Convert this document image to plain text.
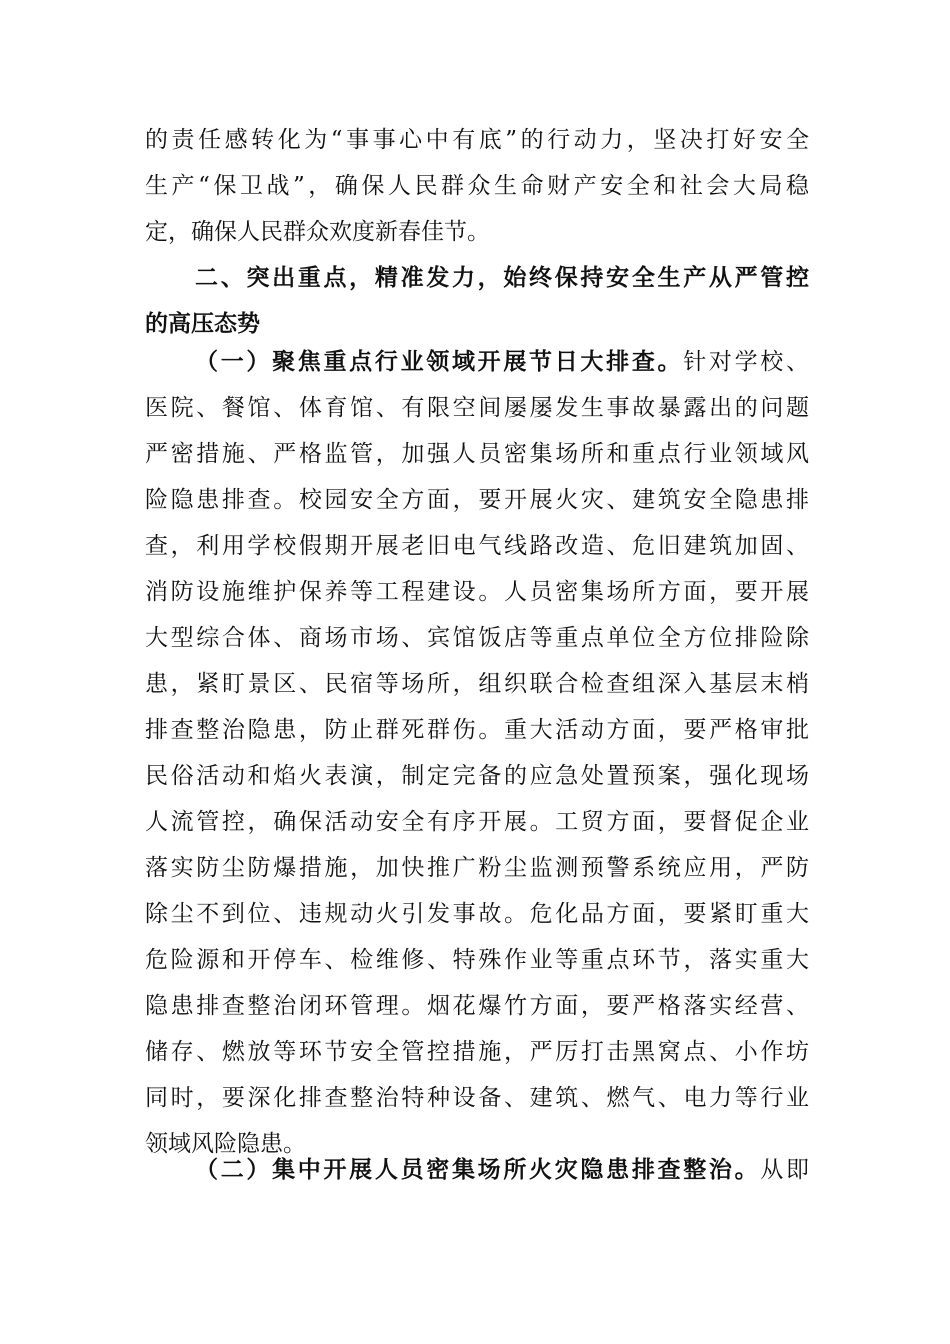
的责任感转化为“事事心中有底”的行动力，坚决打好安全
生产“保卫战”，确保人民群众生命财产安全和社会大局稳
定，确保人民群众欢度新春佳节。
二、突出重点，精准发力，始终保持安全生产从严管控
的高压态势
（一）聚焦重点行业领域开展节日大排查。针对学校、
医院、餐馆、体育馆、有限空间屡屡发生事故暴露出的问题
严密措施、严格监管，加强人员密集场所和重点行业领域风
险隐患排查。校园安全方面，要开展火灾、建筑安全隐患排
查，利用学校假期开展老旧电气线路改造、危旧建筑加固、
消防设施维护保养等工程建设。人员密集场所方面，要开展
大型综合体、商场市场、宾馆饭店等重点单位全方位排险除
患，紧盯景区、民宿等场所，组织联合检查组深入基层末梢
排查整治隐患，防止群死群伤。重大活动方面，要严格审批
民俗活动和焰火表演，制定完备的应急处置预案，强化现场
人流管控，确保活动安全有序开展。工贸方面，要督促企业
落实防尘防爆措施，加快推广粉尘监测预警系统应用，严防
除尘不到位、违规动火引发事故。危化品方面，要紧盯重大
危险源和开停车、检维修、特殊作业等重点环节，落实重大
隐患排查整治闭环管理。烟花爆竹方面，要严格落实经营、
储存、燃放等环节安全管控措施，严厉打击黑窝点、小作坊
同时，要深化排查整治特种设备、建筑、燃气、电力等行业
领域风险隐患。
（二）集中开展人员密集场所火灾隐患排查整治。从即
